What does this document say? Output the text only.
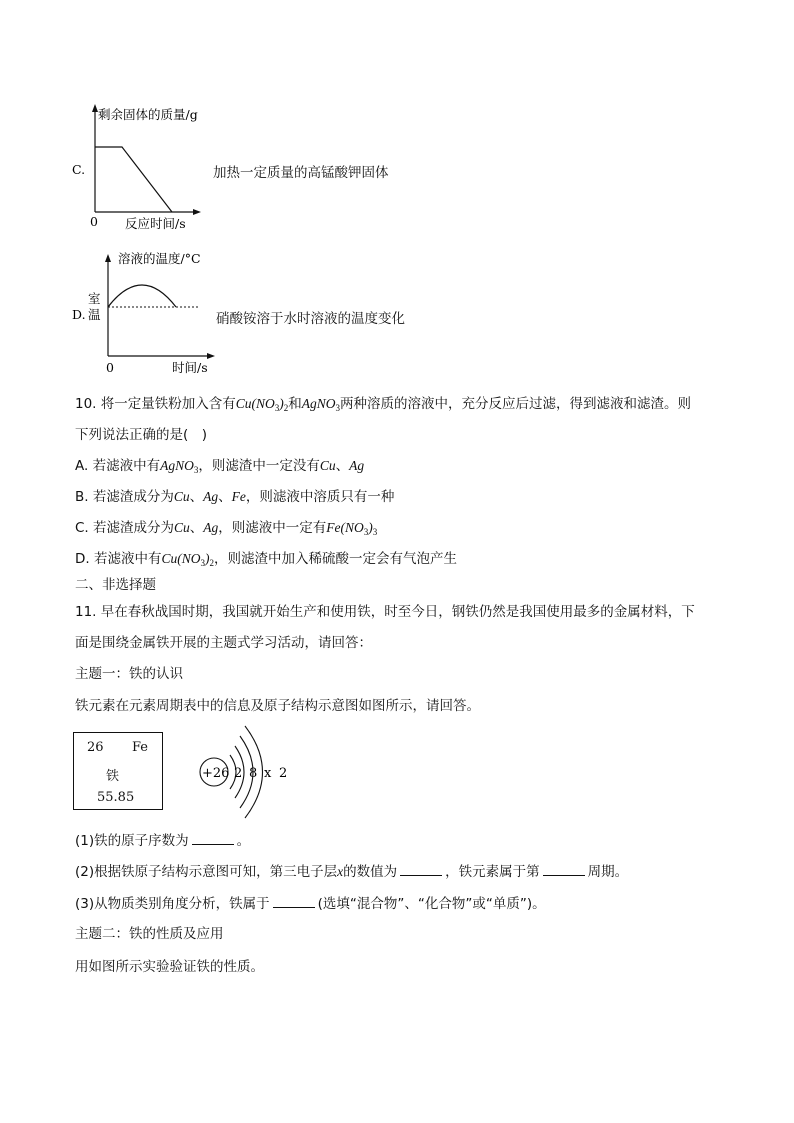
剩余固体的质量/g
C.
0 反应时间/s
加热一定质量的高锰酸钾固体
溶液的温度/°C
室
温
D.
0	时间/s
硝酸铵溶于水时溶液的温度变化
10. 将一定量铁粉加入含有$Cu(NO_3)_2$和AgNO$_3$两种溶质的溶液中，充分反应后过滤，得到滤液和滤渣。则
下列说法正确的是(　)
A. 若滤液中有AgNO$_3$，则滤渣中一定没有Cu、Ag
B. 若滤渣成分为Cu、Ag、Fe，则滤液中溶质只有一种
C. 若滤渣成分为Cu、Ag，则滤液中一定有$Fe(NO_3)_3$
D. 若滤液中有$Cu(NO_3)_2$，则滤渣中加入稀硫酸一定会有气泡产生
二、非选择题
11. 早在春秋战国时期，我国就开始生产和使用铁，时至今日，钢铁仍然是我国使用最多的金属材料，下
面是围绕金属铁开展的主题式学习活动，请回答：
主题一：铁的认识
铁元素在元素周期表中的信息及原子结构示意图如图所示，请回答。
26 Fe
铁
55.85
+26 2 8 x 2
(1)铁的原子序数为	。
(2)根据铁原子结构示意图可知，第三电子层x的数值为	，铁元素属于第	周期。
(3)从物质类别角度分析，铁属于	(选填“混合物”、“化合物”或“单质”)。
主题二：铁的性质及应用
用如图所示实验验证铁的性质。
